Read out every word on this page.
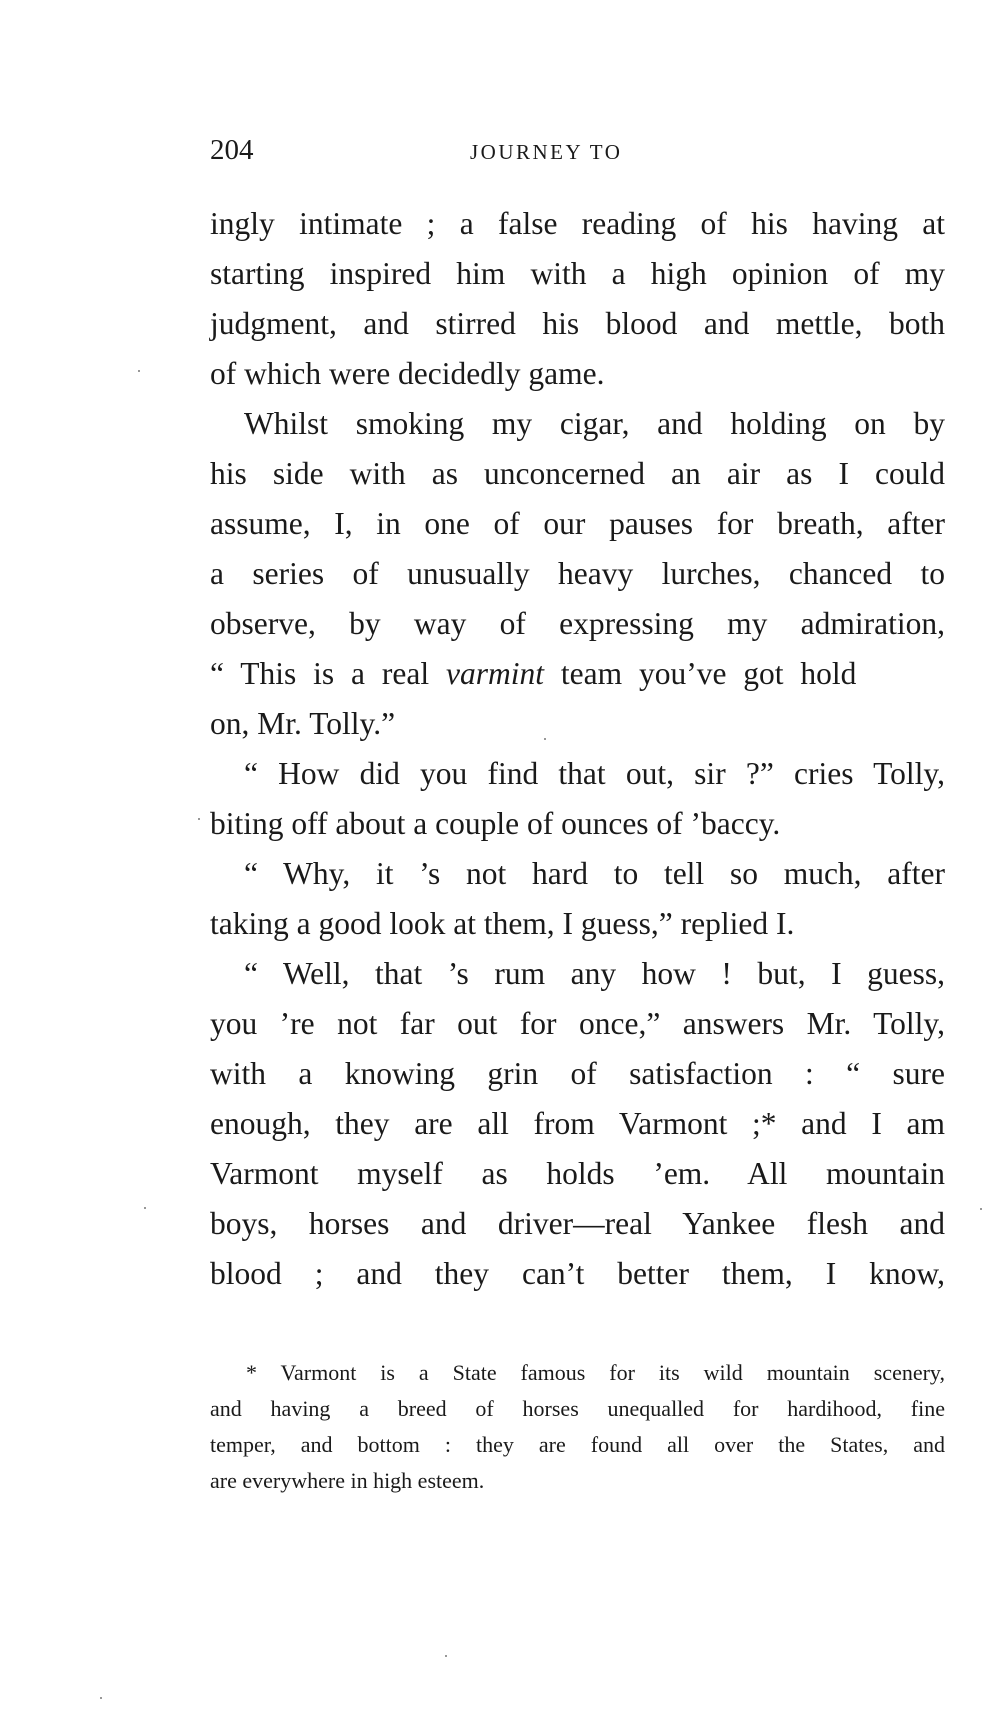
204	JOURNEY TO
ingly intimate ; a false reading of his having at
starting inspired him with a high opinion of my
judgment, and stirred his blood and mettle, both
of which were decidedly game.
Whilst smoking my cigar, and holding on by
his side with as unconcerned an air as I could
assume, I, in one of our pauses for breath, after
a series of unusually heavy lurches, chanced to
observe, by way of expressing my admiration,
“ This is a real varmint team you’ve got hold
on, Mr. Tolly.”
“ How did you find that out, sir ?” cries Tolly,
biting off about a couple of ounces of ’baccy.
“ Why, it ’s not hard to tell so much, after
taking a good look at them, I guess,” replied I.
“ Well, that ’s rum any how ! but, I guess,
you ’re not far out for once,” answers Mr. Tolly,
with a knowing grin of satisfaction : “ sure
enough, they are all from Varmont ;* and I am
Varmont myself as holds ’em. All mountain
boys, horses and driver—real Yankee flesh and
blood ; and they can’t better them, I know,
* Varmont is a State famous for its wild mountain scenery,
and having a breed of horses unequalled for hardihood, fine
temper, and bottom : they are found all over the States, and
are everywhere in high esteem.
